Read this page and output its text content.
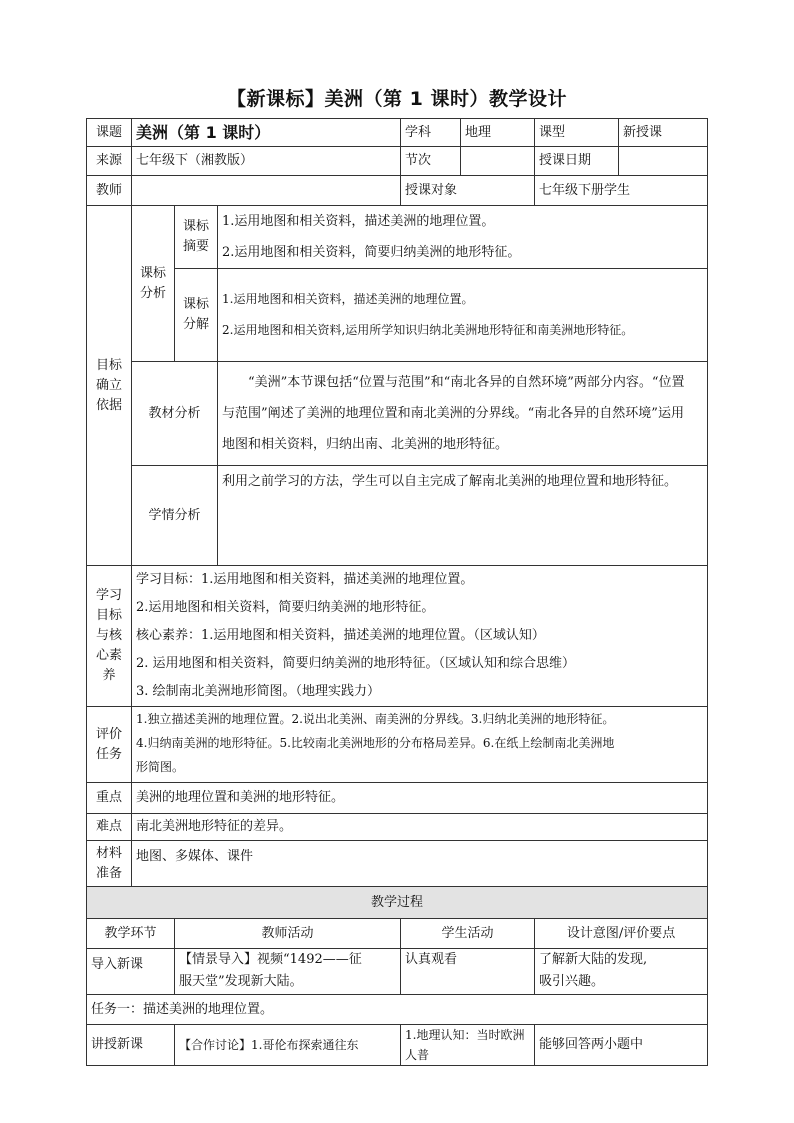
【新课标】美洲（第 1 课时）教学设计
课题	美洲（第 1 课时）			学科	地理	课型	新授课
来源	七年级下（湘教版）			节次		授课日期	
教师				授课对象		七年级下册学生	
目标确立依据	课标分析	课标摘要	1.运用地图和相关资料，描述美洲的地理位置。
2.运用地图和相关资料，简要归纳美洲的地形特征。				

		课标分解	1.运用地图和相关资料，描述美洲的地理位置。
2.运用地图和相关资料,运用所学知识归纳北美洲地形特征和南美洲地形特征。				

	教材分析		“美洲”本节课包括“位置与范围”和“南北各异的自然环境”两部分内容。“位置
与范围”阐述了美洲的地理位置和南北美洲的分界线。“南北各异的自然环境”运用
地图和相关资料，归纳出南、北美洲的地形特征。				

	学情分析		利用之前学习的方法，学生可以自主完成了解南北美洲的地理位置和地形特征。				
学习目标与核心素养	学习目标：1.运用地图和相关资料，描述美洲的地理位置。
2.运用地图和相关资料，简要归纳美洲的地形特征。
核心素养：1.运用地图和相关资料，描述美洲的地理位置。（区域认知）
2. 运用地图和相关资料，简要归纳美洲的地形特征。（区域认知和综合思维）
3. 绘制南北美洲地形简图。（地理实践力）						

评价任务	1.独立描述美洲的地理位置。2.说出北美洲、南美洲的分界线。3.归纳北美洲的地形特征。
4.归纳南美洲的地形特征。5.比较南北美洲地形的分布格局差异。6.在纸上绘制南北美洲地
形简图。						

重点	美洲的地理位置和美洲的地形特征。						
难点	南北美洲地形特征的差异。						
材料准备	地图、多媒体、课件						
教学过程							
教学环节		教师活动		学生活动		设计意图/评价要点	
导入新课		【情景导入】视频“1492——征
服天堂”发现新大陆。		认真观看		了解新大陆的发现,
吸引兴趣。	

任务一：描述美洲的地理位置。							
讲授新课		【合作讨论】1.哥伦布探索通往东		1.地理认知：当时欧洲人普		能够回答两小题中	
